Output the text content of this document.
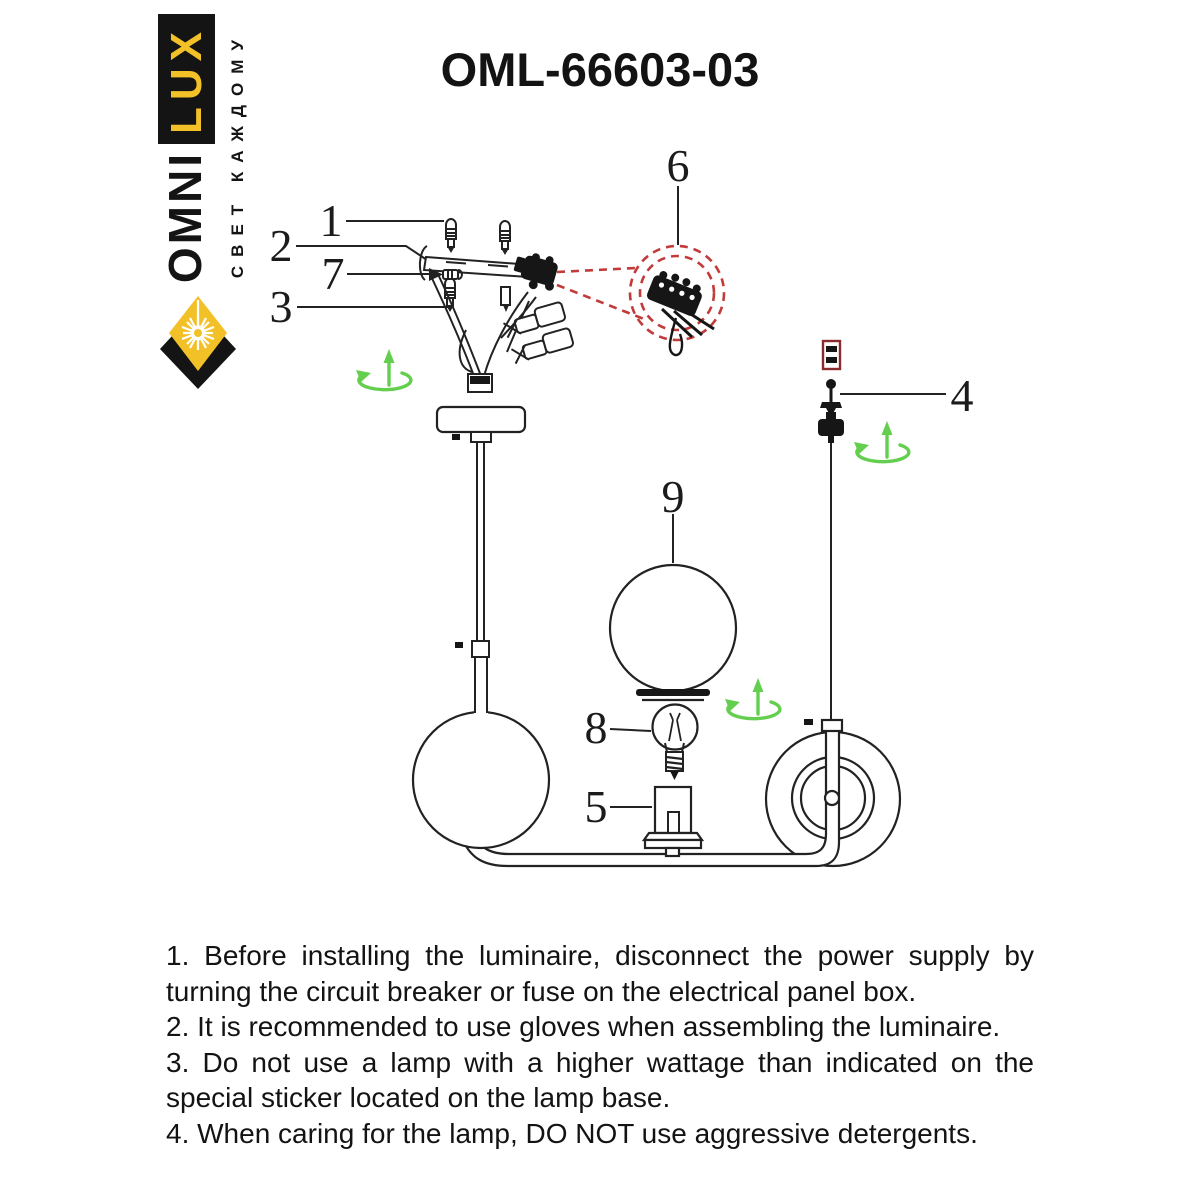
LUX
OMNI СВЕТ КАЖДОМУ	OML-66603-03
1
2
7
3
6
4
9
8
5

1. Before installing the luminaire, disconnect the power supply by turning the circuit breaker or fuse on the electrical panel box.

2. It is recommended to use gloves when assembling the luminaire.

3. Do not use a lamp with a higher wattage than indicated on the special sticker located on the lamp base.

4. When caring for the lamp, DO NOT use aggressive detergents.
